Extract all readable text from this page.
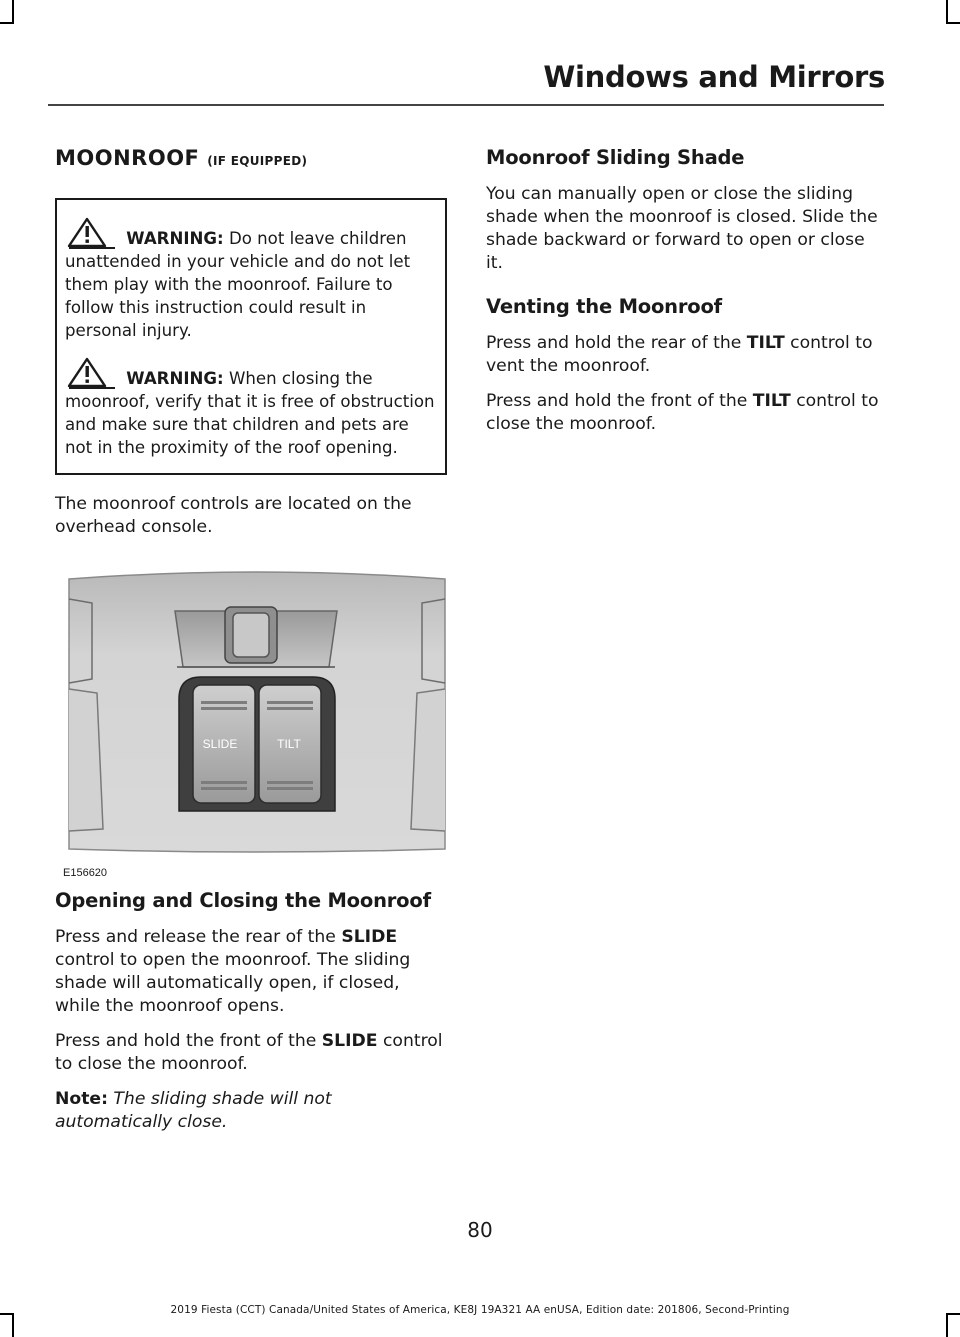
Windows and Mirrors
MOONROOF (IF EQUIPPED)

WARNING: Do not leave children unattended in your vehicle and do not let them play with the moonroof. Failure to follow this instruction could result in personal injury.

WARNING: When closing the moonroof, verify that it is free of obstruction and make sure that children and pets are not in the proximity of the roof opening.

The moonroof controls are located on the overhead console.

SLIDE	TILT
E156620
Opening and Closing the Moonroof

Press and release the rear of the SLIDE control to open the moonroof. The sliding shade will automatically open, if closed, while the moonroof opens.

Press and hold the front of the SLIDE control to close the moonroof.

Note: The sliding shade will not automatically close.

Moonroof Sliding Shade

You can manually open or close the sliding shade when the moonroof is closed. Slide the shade backward or forward to open or close it.

Venting the Moonroof

Press and hold the rear of the TILT control to vent the moonroof.

Press and hold the front of the TILT control to close the moonroof.

80
2019 Fiesta (CCT) Canada/United States of America, KE8J 19A321 AA enUSA, Edition date: 201806, Second-Printing
